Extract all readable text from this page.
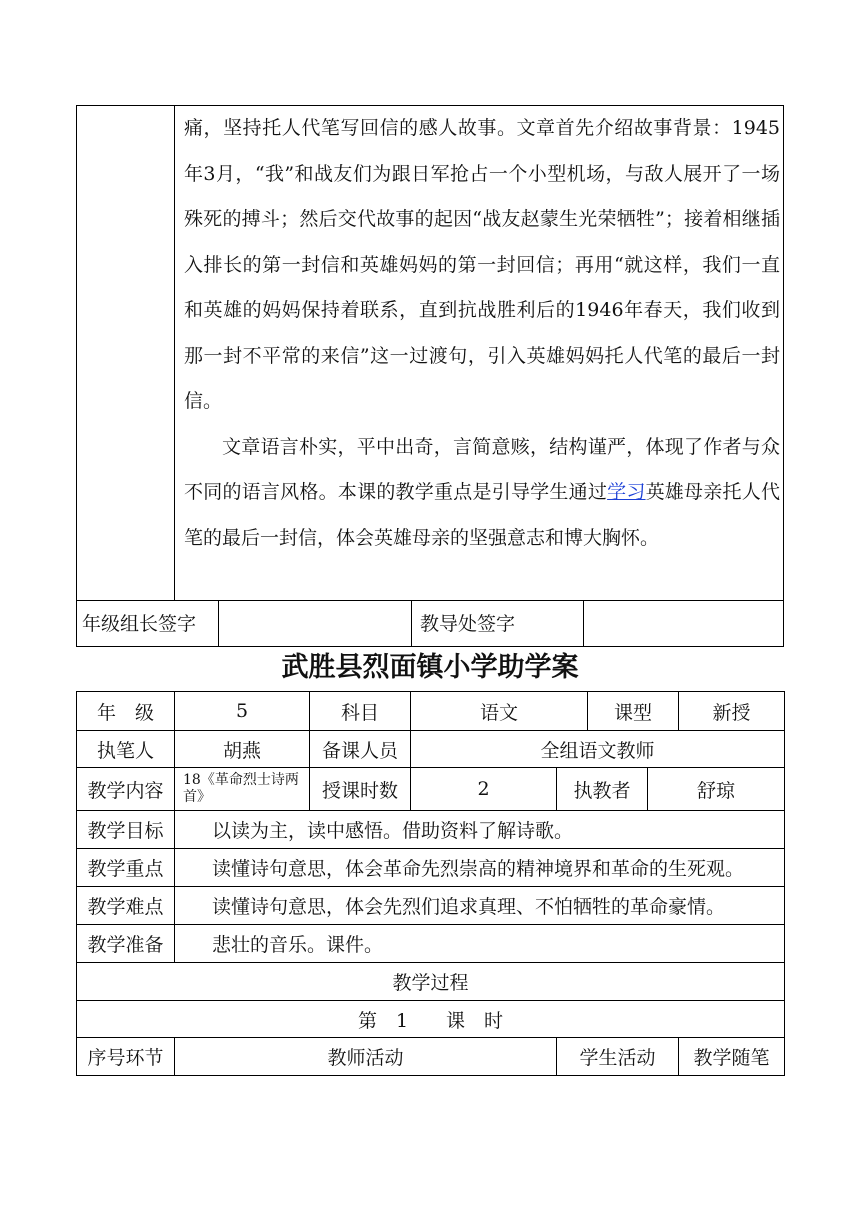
痛，坚持托人代笔写回信的感人故事。文章首先介绍故事背景：1945年3月，“我”和战友们为跟日军抢占一个小型机场，与敌人展开了一场殊死的搏斗；然后交代故事的起因“战友赵蒙生光荣牺牲”；接着相继插入排长的第一封信和英雄妈妈的第一封回信；再用“就这样，我们一直和英雄的妈妈保持着联系，直到抗战胜利后的1946年春天，我们收到那一封不平常的来信”这一过渡句，引入英雄妈妈托人代笔的最后一封信。

文章语言朴实，平中出奇，言简意赅，结构谨严，体现了作者与众不同的语言风格。本课的教学重点是引导学生通过学习英雄母亲托人代笔的最后一封信，体会英雄母亲的坚强意志和博大胸怀。

年级组长签字	教导处签字
武胜县烈面镇小学助学案
年　级	5	科目	语文		课型		新授
执笔人	胡燕	备课人员	全组语文教师				
教学内容	18《革命烈士诗两首》	授课时数	2	执教者		舒琼	
教学目标	以读为主，读中感悟。借助资料了解诗歌。						
教学重点	读懂诗句意思，体会革命先烈崇高的精神境界和革命的生死观。						
教学难点	读懂诗句意思，体会先烈们追求真理、不怕牺牲的革命豪情。						
教学准备	悲壮的音乐。课件。						
教学过程							
第　1　　课　时							
序号环节	教师活动			学生活动			教学随笔
